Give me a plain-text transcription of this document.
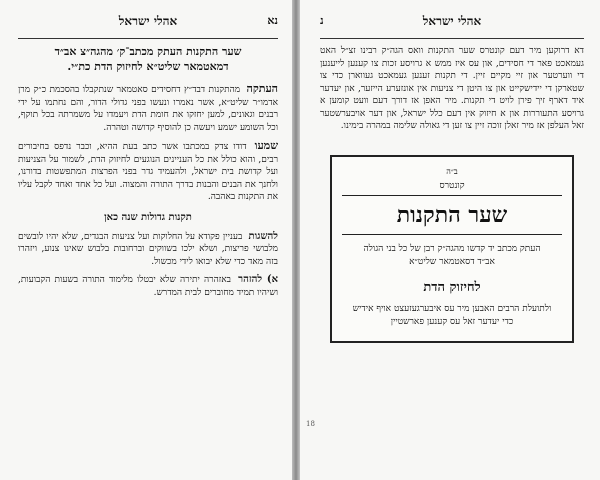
אהלי ישראל	נא
שער התקנות העתק מכתב־ק׳ מהגה״צ אב״ד
דמאטמאר שליט״א לחיזוק הדת כת״י.

העתקה מהתקנות דבד״ץ דחסידים סאטמאר שנתקבלו בהסכמת כ״ק מרן אדמו״ר שליט״א, אשר נאמרו ונעשו בפני גדולי הדור, והם נחתמו על ידי רבנים וגאונים, למען יחזקו את חומת הדת ויעמדו על משמרתה בכל תוקף, וכל השומע ישמע ויעשה כן להוסיף קדושה וטהרה.

שמעו דודו צדק במכתבו אשר כתב בעת ההיא, וכבר נדפס בחיבורים רבים, והוא כולל את כל העניינים הנוגעים לחיזוק הדת, לשמור על הצניעות ועל קדושת בית ישראל, ולהעמיד גדר בפני הפרצות המתפשטות בדורנו, ולחנך את הבנים והבנות בדרך התורה והמצוה. ועל כל אחד ואחד לקבל עליו את התקנות באהבה.

תקנות גדולות שנה כאן

להשגות בעניין פקודא על החלוקות ועל צניעות הבגדים, שלא יהיו לובשים מלבושי פריצות, ושלא ילכו בשווקים וברחובות בלבוש שאינו צנוע, ויזהרו בזה מאד כדי שלא יבואו לידי מכשול.

א) להזהר באזהרה יתירה שלא יבטלו מלימוד התורה בשעות הקבועות, ושיהיו תמיד מחוברים לבית המדרש.

אהלי ישראל
נ

דא דרוקען מיר דעם קונטרס שער התקנות וואס הגה״ק רבינו זצ״ל האט געמאכט פאר די חסידים, און עס איז ממש א גרויסע זכות צו קענען לייענען די ווערטער און זיי מקיים זיין. די תקנות זענען געמאכט געווארן כדי צו שטארקן די יידישקייט און צו היטן די צניעות אין אונזערע הייזער, און יעדער איד דארף זיך פירן לויט די תקנות. מיר האפן אז דורך דעם וועט קומען א גרויסע התעוררות און א חיזוק אין דעם כלל ישראל, און דער אויבערשטער זאל העלפן אז מיר זאלן זוכה זיין צו זען די גאולה שלימה במהרה בימינו.

ב״ה
קונטרס
שער התקנות
העתק מכתב יד קדשו מהגה״ק רבן של כל בני הגולה
אב״ד דסאטמאר שליט״א
לחיזוק הדת
ולתועלת הרבים האבען מיר עס איבערגעזעצט אויף אידיש
כדי יעדער זאל עס קענען פארשטיין
18
